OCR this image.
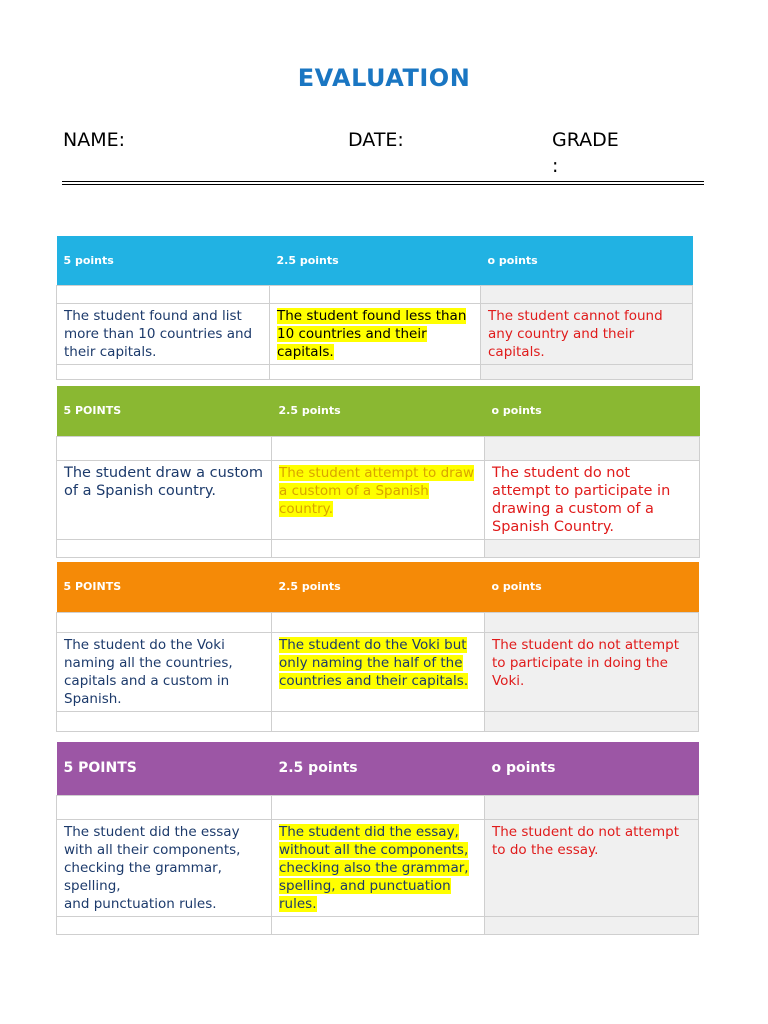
EVALUATION
NAME:	DATE:	GRADE
:
5 points	2.5 points	o points

The student found and list more than 10 countries and their capitals.	The student found less than 10 countries and their capitals.	The student cannot found any country and their capitals.

5 POINTS	2.5 points	o points

The student draw a custom of a Spanish country.	The student attempt to draw a custom of a Spanish country.	The student do not attempt to participate in drawing a custom of a Spanish Country.

5 POINTS	2.5 points	o points

The student do the Voki naming all the countries, capitals and a custom in Spanish.	The student do the Voki but only naming the half of the countries and their capitals.	The student do not attempt to participate in doing the Voki.

5 POINTS	2.5 points	o points

The student did the essay with all their components, checking the grammar, spelling,
and punctuation rules.	The student did the essay, without all the components, checking also the grammar, spelling, and punctuation rules.	The student do not attempt to do the essay.
